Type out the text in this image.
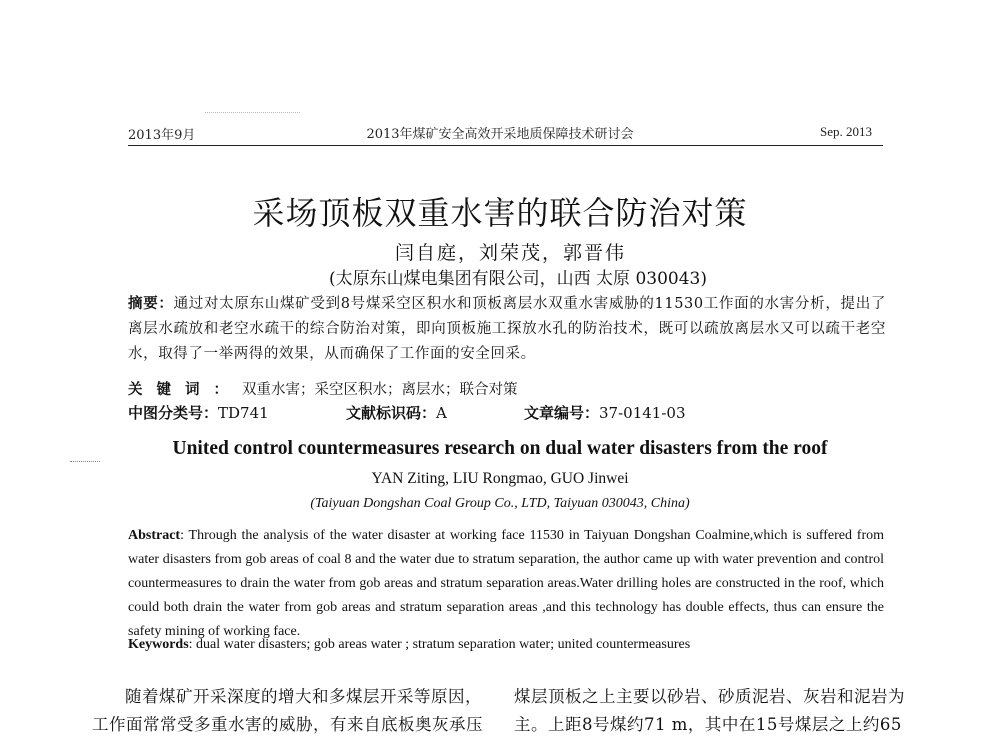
2013年9月	2013年煤矿安全高效开采地质保障技术研讨会	Sep. 2013
采场顶板双重水害的联合防治对策
闫自庭，刘荣茂，郭晋伟
(太原东山煤电集团有限公司，山西 太原 030043)
摘要：通过对太原东山煤矿受到8号煤采空区积水和顶板离层水双重水害威胁的11530工作面的水害分析，提出了离层水疏放和老空水疏干的综合防治对策，即向顶板施工探放水孔的防治技术，既可以疏放离层水又可以疏干老空水，取得了一举两得的效果，从而确保了工作面的安全回采。
关键词：双重水害；采空区积水；离层水；联合对策
中图分类号：TD741	文献标识码：A	文章编号：37-0141-03
United control countermeasures research on dual water disasters from the roof
YAN Ziting, LIU Rongmao, GUO Jinwei
(Taiyuan Dongshan Coal Group Co., LTD, Taiyuan 030043, China)
Abstract: Through the analysis of the water disaster at working face 11530 in Taiyuan Dongshan Coalmine,which is suffered from water disasters from gob areas of coal 8 and the water due to stratum separation, the author came up with water prevention and control countermeasures to drain the water from gob areas and stratum separation areas.Water drilling holes are constructed in the roof, which could both drain the water from gob areas and stratum separation areas ,and this technology has double effects, thus can ensure the safety mining of working face.
Keywords: dual water disasters; gob areas water ; stratum separation water; united countermeasures
随着煤矿开采深度的增大和多煤层开采等原因，
工作面常常受多重水害的威胁，有来自底板奥灰承压
煤层顶板之上主要以砂岩、砂质泥岩、灰岩和泥岩为
主。上距8号煤约71 m，其中在15号煤层之上约65
